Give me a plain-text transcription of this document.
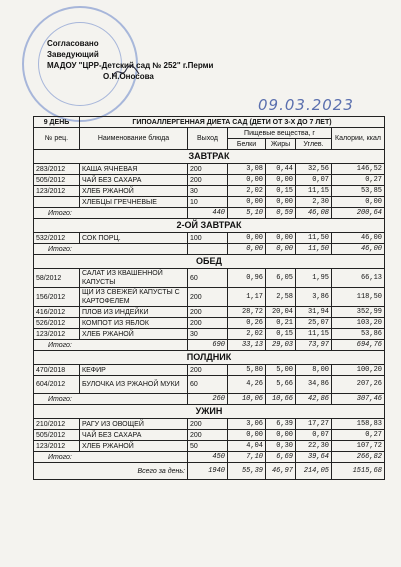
Согласовано
Заведующий
МАДОУ "ЦРР-Детский сад № 252" г.Перми
О.Н.Оносова
09.03.2023
9 ДЕНЬ	ГИПОАЛЛЕРГЕННАЯ ДИЕТА САД (ДЕТИ ОТ 3-Х ДО 7 ЛЕТ)					
№ рец.	Наименование блюда	Выход	Пищевые вещества, г			Калории, ккал
			Белки	Жиры	Углев.	
ЗАВТРАК						
283/2012	КАША ЯЧНЕВАЯ	200	3,08	0,44	32,56	146,52
505/2012	ЧАЙ БЕЗ САХАРА	200	0,00	0,00	0,07	0,27
123/2012	ХЛЕБ РЖАНОЙ	30	2,02	0,15	11,15	53,85
	ХЛЕБЦЫ ГРЕЧНЕВЫЕ	10	0,00	0,00	2,30	0,00
Итого:		440	5,10	0,59	46,08	200,64
2-ОЙ ЗАВТРАК						
532/2012	СОК ПОРЦ.	100	0,00	0,00	11,50	46,00
Итого:			0,00	0,00	11,50	46,00
ОБЕД						
58/2012	САЛАТ ИЗ КВАШЕННОЙ КАПУСТЫ	60	0,96	6,05	1,95	66,13
156/2012	ЩИ ИЗ СВЕЖЕЙ КАПУСТЫ С КАРТОФЕЛЕМ	200	1,17	2,58	3,86	118,50
416/2012	ПЛОВ ИЗ ИНДЕЙКИ	200	28,72	20,04	31,94	352,99
526/2012	КОМПОТ ИЗ ЯБЛОК	200	0,26	0,21	25,07	103,20
123/2012	ХЛЕБ РЖАНОЙ	30	2,02	0,15	11,15	53,86
Итого:		690	33,13	29,03	73,97	694,76
ПОЛДНИК						
470/2018	КЕФИР	200	5,80	5,00	8,00	100,20
604/2012	БУЛОЧКА ИЗ РЖАНОЙ МУКИ	60	4,26	5,66	34,86	207,26
Итого:		260	10,06	10,66	42,86	307,46
УЖИН						
210/2012	РАГУ ИЗ ОВОЩЕЙ	200	3,06	6,39	17,27	158,83
505/2012	ЧАЙ БЕЗ САХАРА	200	0,00	0,00	0,07	0,27
123/2012	ХЛЕБ РЖАНОЙ	50	4,04	0,30	22,30	107,72
Итого:		450	7,10	6,69	39,64	266,82
Всего за день:		1940	55,39	46,97	214,05	1515,68
